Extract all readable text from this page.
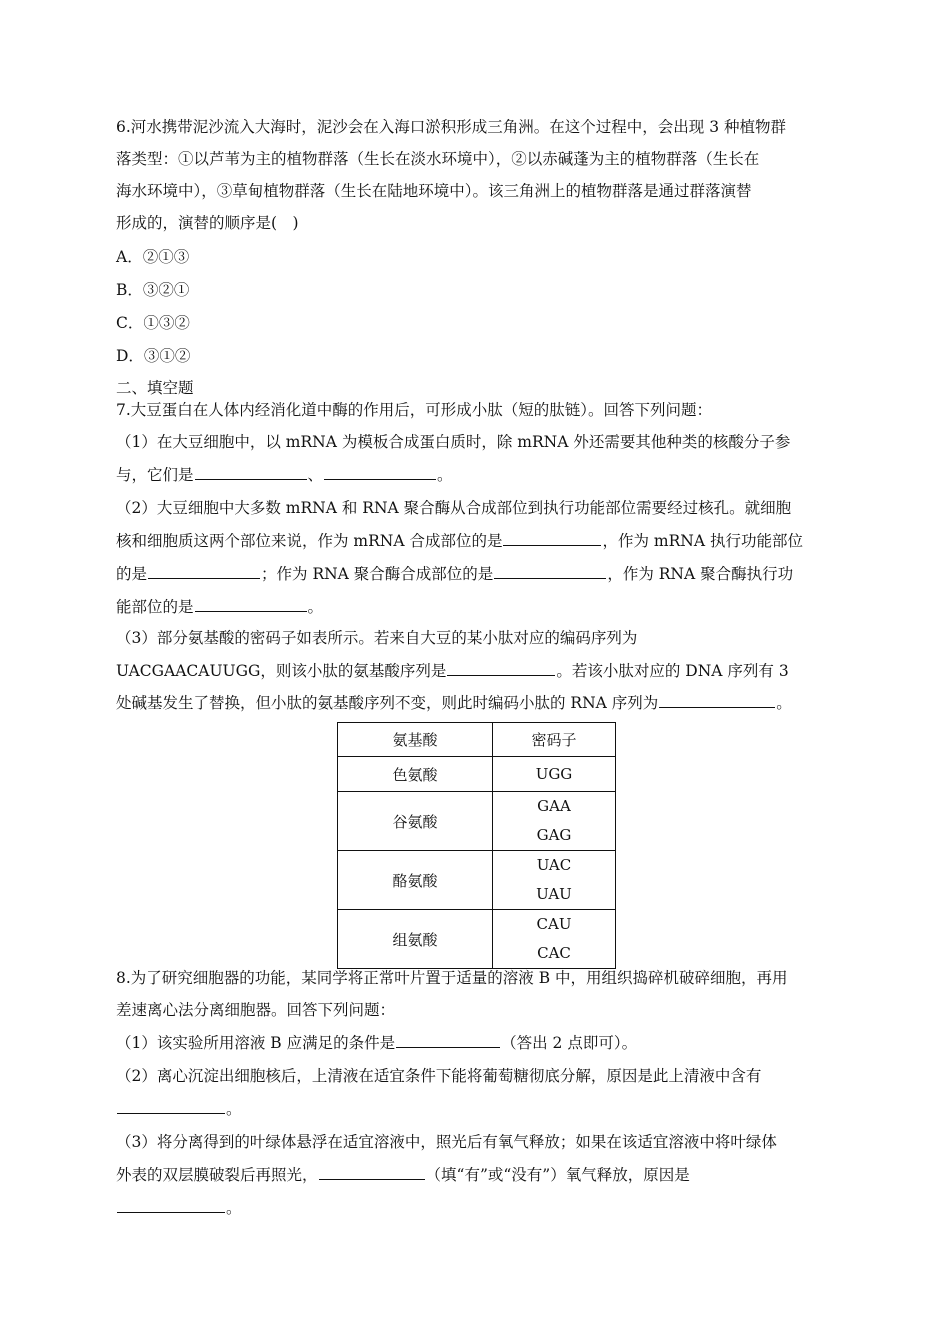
6.河水携带泥沙流入大海时，泥沙会在入海口淤积形成三角洲。在这个过程中，会出现 3 种植物群
落类型：①以芦苇为主的植物群落（生长在淡水环境中），②以赤碱蓬为主的植物群落（生长在
海水环境中），③草甸植物群落（生长在陆地环境中）。该三角洲上的植物群落是通过群落演替
形成的，演替的顺序是(　)
A．②①③
B．③②①
C．①③②
D．③①②
二、填空题
7.大豆蛋白在人体内经消化道中酶的作用后，可形成小肽（短的肽链）。回答下列问题：
（1）在大豆细胞中，以 mRNA 为模板合成蛋白质时，除 mRNA 外还需要其他种类的核酸分子参
与，它们是	、	。
（2）大豆细胞中大多数 mRNA 和 RNA 聚合酶从合成部位到执行功能部位需要经过核孔。就细胞
核和细胞质这两个部位来说，作为 mRNA 合成部位的是	，作为 mRNA 执行功能部位
的是	；作为 RNA 聚合酶合成部位的是	，作为 RNA 聚合酶执行功
能部位的是	。
（3）部分氨基酸的密码子如表所示。若来自大豆的某小肽对应的编码序列为
UACGAACAUUGG，则该小肽的氨基酸序列是	。若该小肽对应的 DNA 序列有 3
处碱基发生了替换，但小肽的氨基酸序列不变，则此时编码小肽的 RNA 序列为	。
氨基酸	密码子
色氨酸	UGG

谷氨酸	GAA
GAG

酪氨酸	UAC
UAU

组氨酸	CAU
CAC
8.为了研究细胞器的功能，某同学将正常叶片置于适量的溶液 B 中，用组织捣碎机破碎细胞，再用
差速离心法分离细胞器。回答下列问题：
（1）该实验所用溶液 B 应满足的条件是	（答出 2 点即可）。
（2）离心沉淀出细胞核后，上清液在适宜条件下能将葡萄糖彻底分解，原因是此上清液中含有
。
（3）将分离得到的叶绿体悬浮在适宜溶液中，照光后有氧气释放；如果在该适宜溶液中将叶绿体
外表的双层膜破裂后再照光，	（填“有”或“没有”）氧气释放，原因是
。
